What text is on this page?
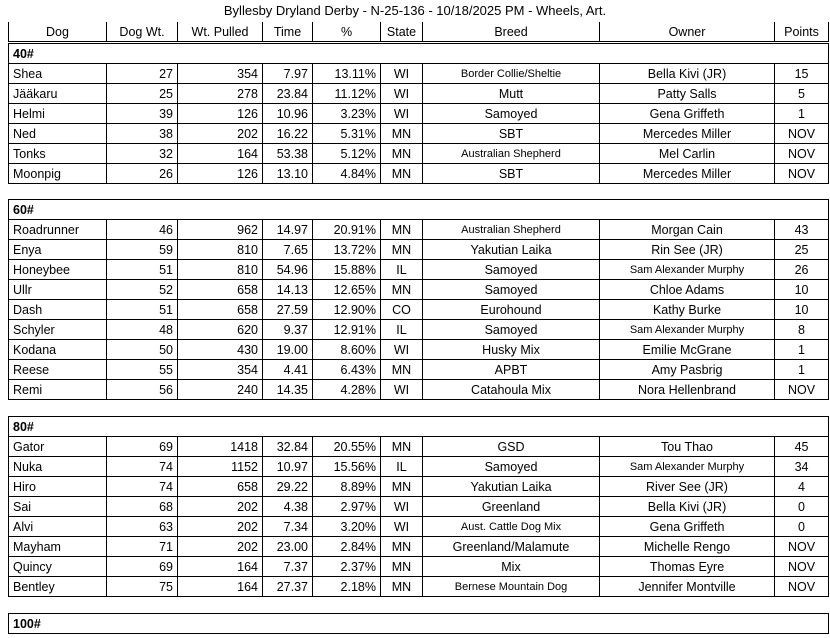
Byllesby Dryland Derby - N-25-136 - 10/18/2025 PM - Wheels, Art.
Dog	Dog Wt.	Wt. Pulled	Time	%	State	Breed	Owner	Points
40#								
Shea	27	354	7.97	13.11%	WI	Border Collie/Sheltie	Bella Kivi (JR)	15
Jääkaru	25	278	23.84	11.12%	WI	Mutt	Patty Salls	5
Helmi	39	126	10.96	3.23%	WI	Samoyed	Gena Griffeth	1
Ned	38	202	16.22	5.31%	MN	SBT	Mercedes Miller	NOV
Tonks	32	164	53.38	5.12%	MN	Australian Shepherd	Mel Carlin	NOV
Moonpig	26	126	13.10	4.84%	MN	SBT	Mercedes Miller	NOV
60#								
Roadrunner	46	962	14.97	20.91%	MN	Australian Shepherd	Morgan Cain	43
Enya	59	810	7.65	13.72%	MN	Yakutian Laika	Rin See (JR)	25
Honeybee	51	810	54.96	15.88%	IL	Samoyed	Sam Alexander Murphy	26
Ullr	52	658	14.13	12.65%	MN	Samoyed	Chloe Adams	10
Dash	51	658	27.59	12.90%	CO	Eurohound	Kathy Burke	10
Schyler	48	620	9.37	12.91%	IL	Samoyed	Sam Alexander Murphy	8
Kodana	50	430	19.00	8.60%	WI	Husky Mix	Emilie McGrane	1
Reese	55	354	4.41	6.43%	MN	APBT	Amy Pasbrig	1
Remi	56	240	14.35	4.28%	WI	Catahoula Mix	Nora Hellenbrand	NOV
80#								
Gator	69	1418	32.84	20.55%	MN	GSD	Tou Thao	45
Nuka	74	1152	10.97	15.56%	IL	Samoyed	Sam Alexander Murphy	34
Hiro	74	658	29.22	8.89%	MN	Yakutian Laika	River See (JR)	4
Sai	68	202	4.38	2.97%	WI	Greenland	Bella Kivi (JR)	0
Alvi	63	202	7.34	3.20%	WI	Aust. Cattle Dog Mix	Gena Griffeth	0
Mayham	71	202	23.00	2.84%	MN	Greenland/Malamute	Michelle Rengo	NOV
Quincy	69	164	7.37	2.37%	MN	Mix	Thomas Eyre	NOV
Bentley	75	164	27.37	2.18%	MN	Bernese Mountain Dog	Jennifer Montville	NOV
100#
